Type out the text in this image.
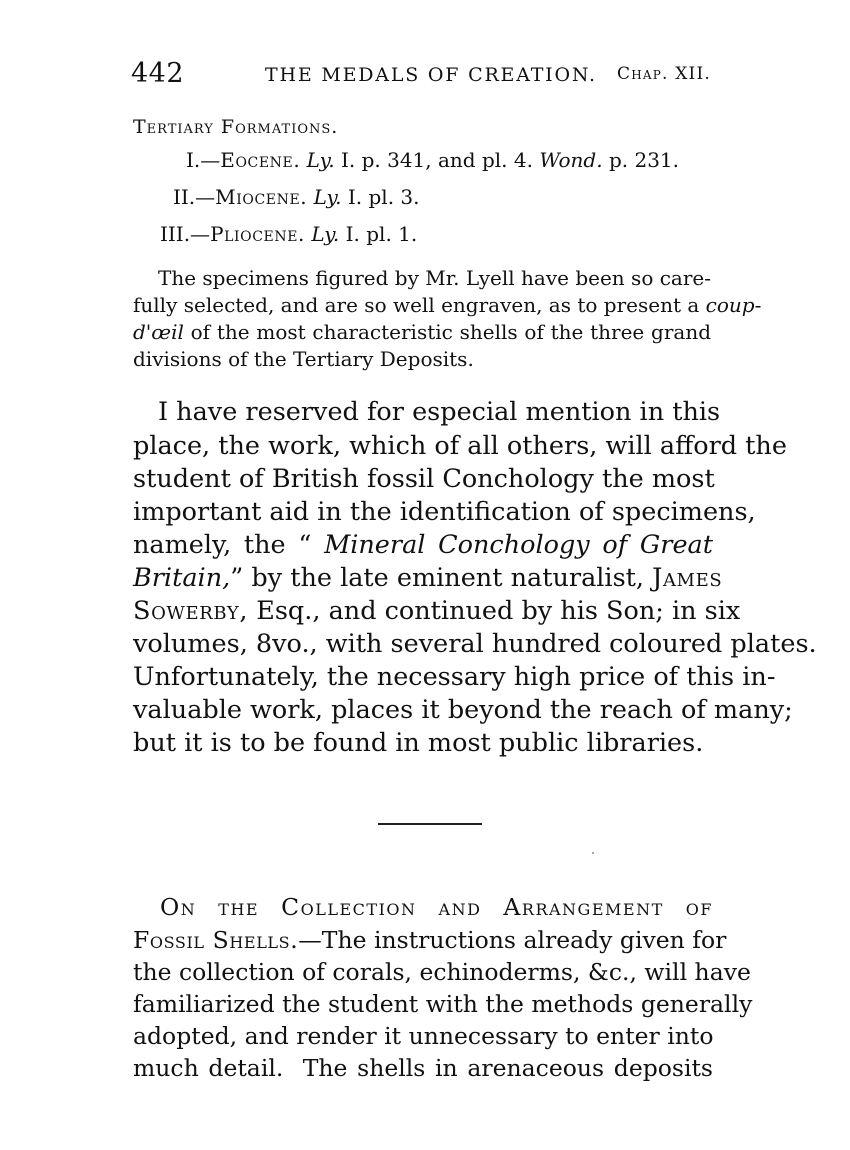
442	THE MEDALS OF CREATION. Chap. XII.
Tertiary Formations.
I.—Eocene. Ly. I. p. 341, and pl. 4. Wond. p. 231.
II.—Miocene. Ly. I. pl. 3.
III.—Pliocene. Ly. I. pl. 1.
The specimens figured by Mr. Lyell have been so care-
fully selected, and are so well engraven, as to present a coup-
d'œil of the most characteristic shells of the three grand
divisions of the Tertiary Deposits.
I have reserved for especial mention in this
place, the work, which of all others, will afford the
student of British fossil Conchology the most
important aid in the identification of specimens,
namely, the “ Mineral Conchology of Great
Britain,” by the late eminent naturalist, James
Sowerby, Esq., and continued by his Son; in six
volumes, 8vo., with several hundred coloured plates.
Unfortunately, the necessary high price of this in-
valuable work, places it beyond the reach of many;
but it is to be found in most public libraries.
On the Collection and Arrangement of
Fossil Shells.—The instructions already given for
the collection of corals, echinoderms, &c., will have
familiarized the student with the methods generally
adopted, and render it unnecessary to enter into
much detail.  The shells in arenaceous deposits
